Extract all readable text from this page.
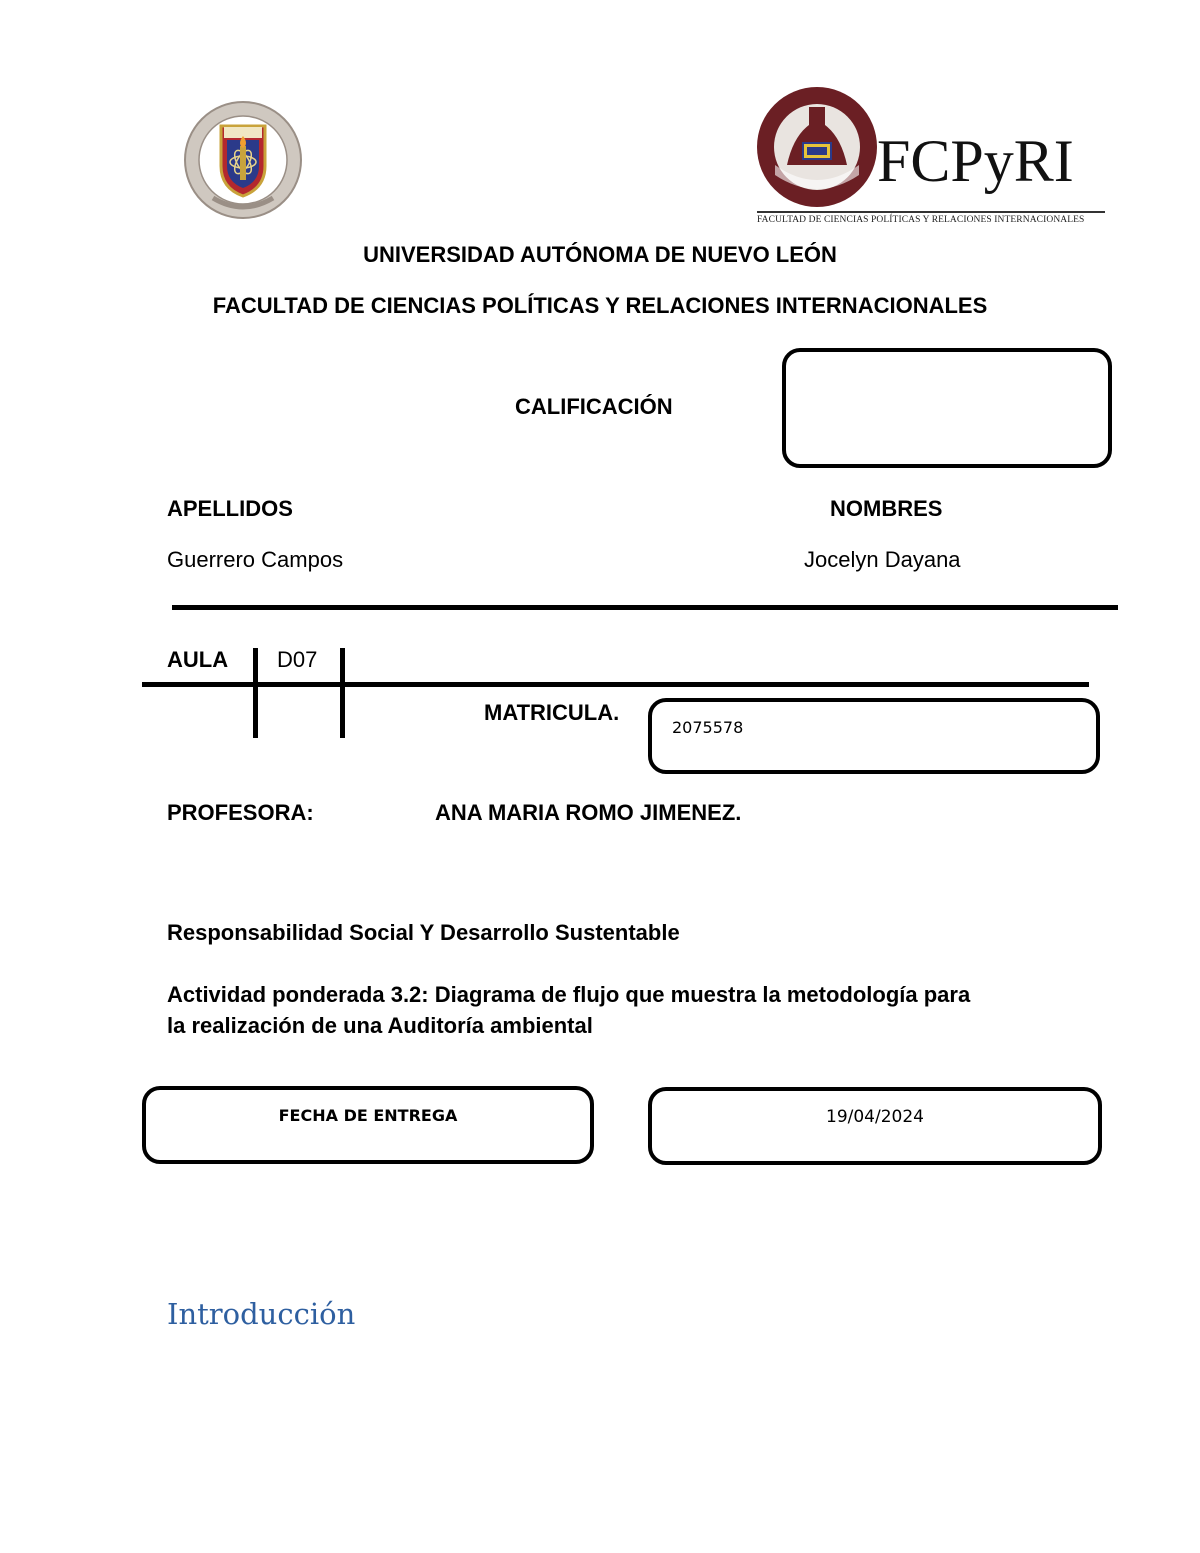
FCPyRI
FACULTAD DE CIENCIAS POLÍTICAS Y RELACIONES INTERNACIONALES
UNIVERSIDAD AUTÓNOMA DE NUEVO LEÓN
FACULTAD DE CIENCIAS POLÍTICAS Y RELACIONES INTERNACIONALES
CALIFICACIÓN
APELLIDOS	NOMBRES
Guerrero Campos	Jocelyn Dayana
AULA D07
MATRICULA.
2075578
PROFESORA:	ANA MARIA ROMO JIMENEZ.
Responsabilidad Social Y Desarrollo Sustentable
Actividad ponderada 3.2: Diagrama de flujo que muestra la metodología para
la realización de una Auditoría ambiental
FECHA DE ENTREGA	19/04/2024
Introducción
